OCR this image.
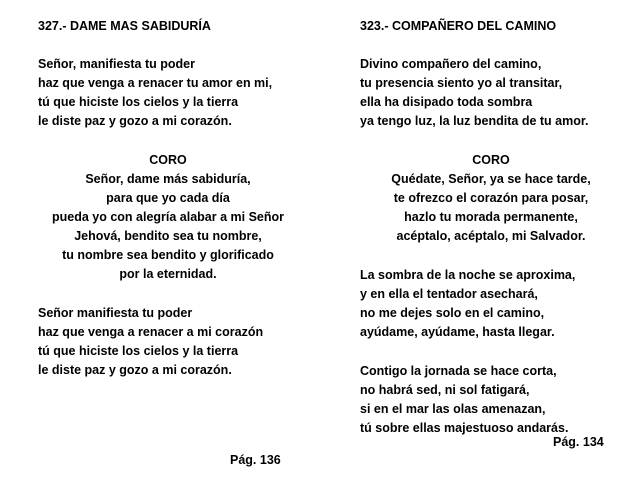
327.- DAME MAS SABIDURÍA
Señor, manifiesta tu poder
haz que venga a renacer tu amor en mi,
tú que hiciste los cielos y la tierra
le diste paz y gozo a mi corazón.
CORO
Señor, dame más sabiduría,
para que yo cada día
pueda yo con alegría alabar a mi Señor
Jehová, bendito sea tu nombre,
tu nombre sea bendito y glorificado
por la eternidad.
Señor manifiesta tu poder
haz que venga a renacer a mi corazón
tú que hiciste los cielos y la tierra
le diste paz y gozo a mi corazón.
323.- COMPAÑERO DEL CAMINO
Divino compañero del camino,
tu presencia siento yo al transitar,
ella ha disipado toda sombra
ya tengo luz, la luz bendita de tu amor.
CORO
Quédate, Señor, ya se hace tarde,
te ofrezco el corazón para posar,
hazlo tu morada permanente,
acéptalo, acéptalo, mi Salvador.
La sombra de la noche se aproxima,
y en ella el tentador asechará,
no me dejes solo en el camino,
ayúdame, ayúdame, hasta llegar.
Contigo la jornada se hace corta,
no habrá sed, ni sol fatigará,
si en el mar las olas amenazan,
tú sobre ellas majestuoso andarás.
Pág. 134
Pág. 136
